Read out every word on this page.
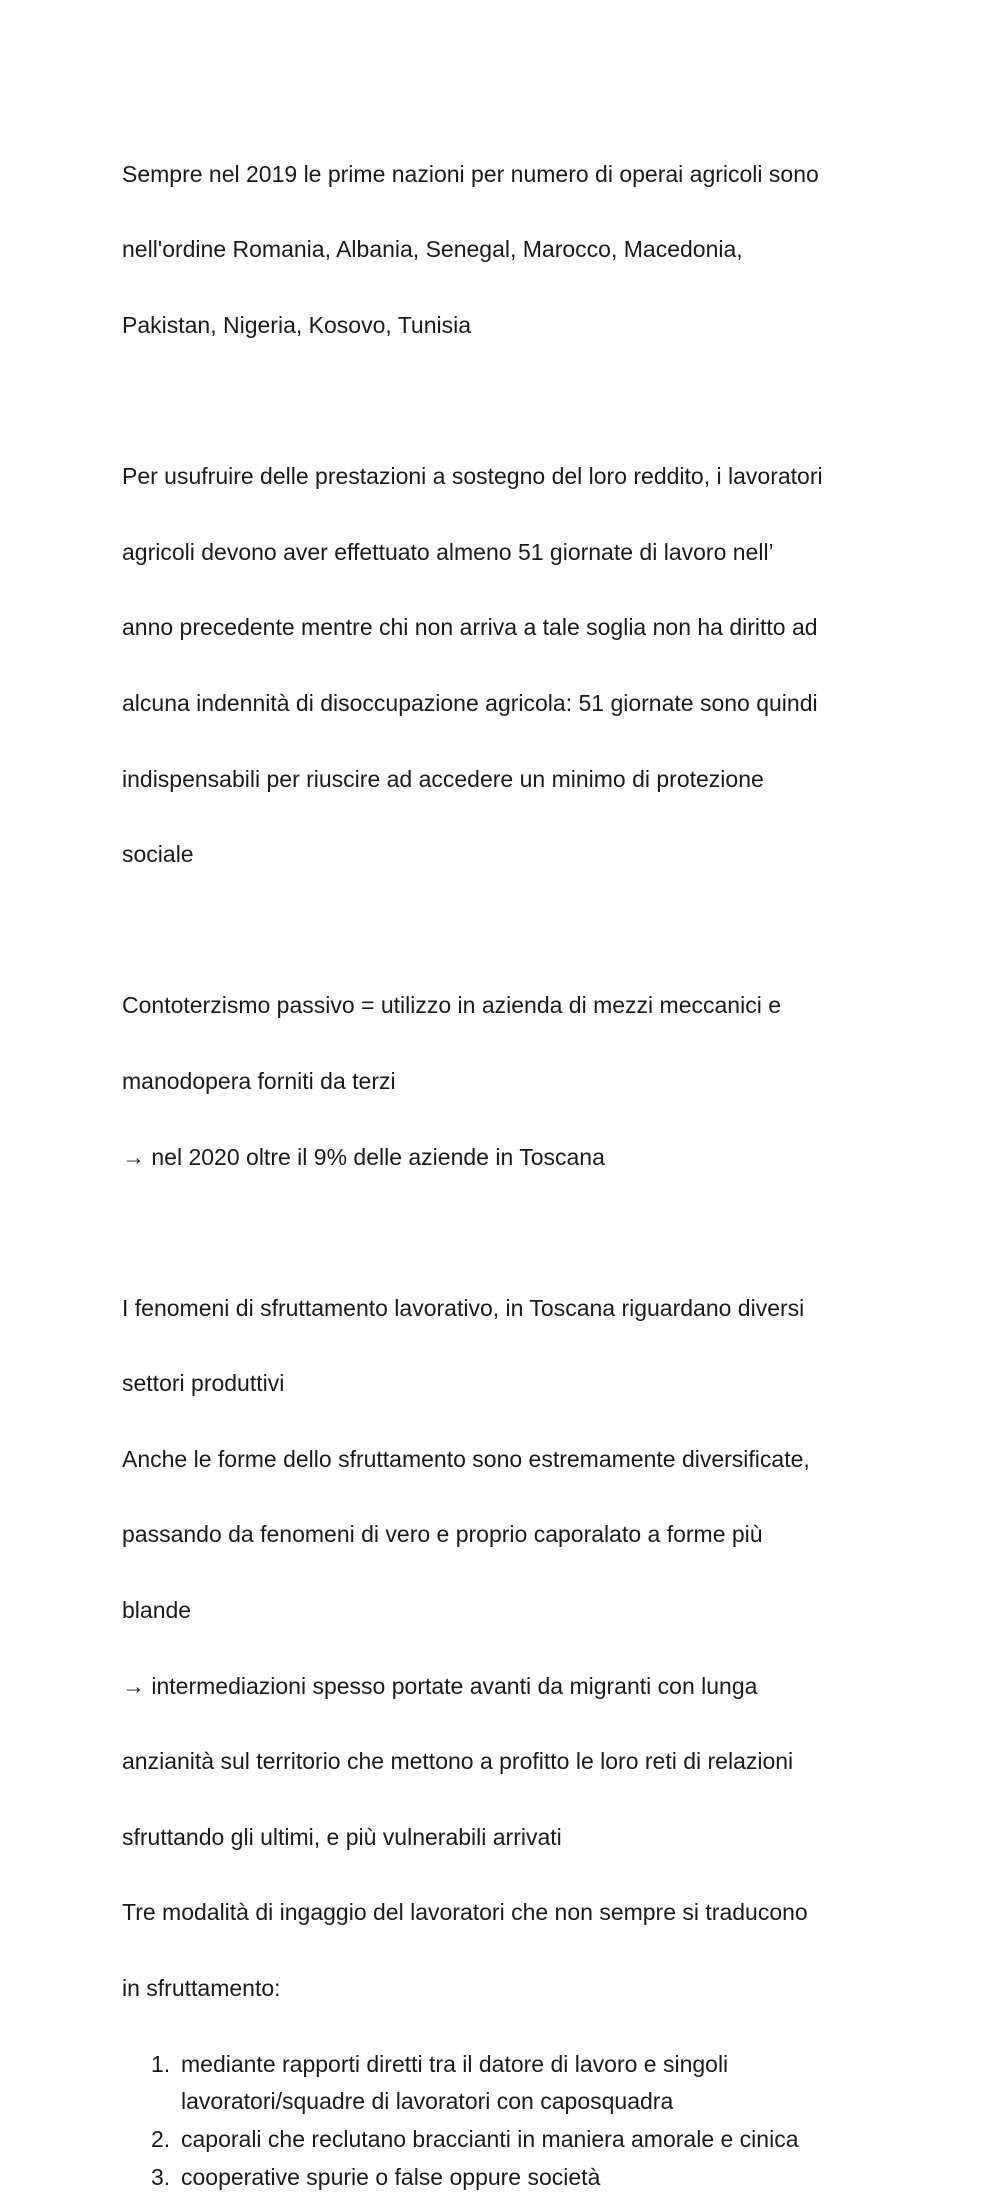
Sempre nel 2019 le prime nazioni per numero di operai agricoli sono

nell'ordine Romania, Albania, Senegal, Marocco, Macedonia,

Pakistan, Nigeria, Kosovo, Tunisia

Per usufruire delle prestazioni a sostegno del loro reddito, i lavoratori

agricoli devono aver effettuato almeno 51 giornate di lavoro nell’

anno precedente mentre chi non arriva a tale soglia non ha diritto ad

alcuna indennità di disoccupazione agricola: 51 giornate sono quindi

indispensabili per riuscire ad accedere un minimo di protezione

sociale

Contoterzismo passivo = utilizzo in azienda di mezzi meccanici e

manodopera forniti da terzi

→ nel 2020 oltre il 9% delle aziende in Toscana

I fenomeni di sfruttamento lavorativo, in Toscana riguardano diversi

settori produttivi

Anche le forme dello sfruttamento sono estremamente diversificate,

passando da fenomeni di vero e proprio caporalato a forme più

blande

→ intermediazioni spesso portate avanti da migranti con lunga

anzianità sul territorio che mettono a profitto le loro reti di relazioni

sfruttando gli ultimi, e più vulnerabili arrivati

Tre modalità di ingaggio del lavoratori che non sempre si traducono

in sfruttamento:

1. mediante rapporti diretti tra il datore di lavoro e singoli
lavoratori/squadre di lavoratori con caposquadra
2. caporali che reclutano braccianti in maniera amorale e cinica
3. cooperative spurie o false oppure società
